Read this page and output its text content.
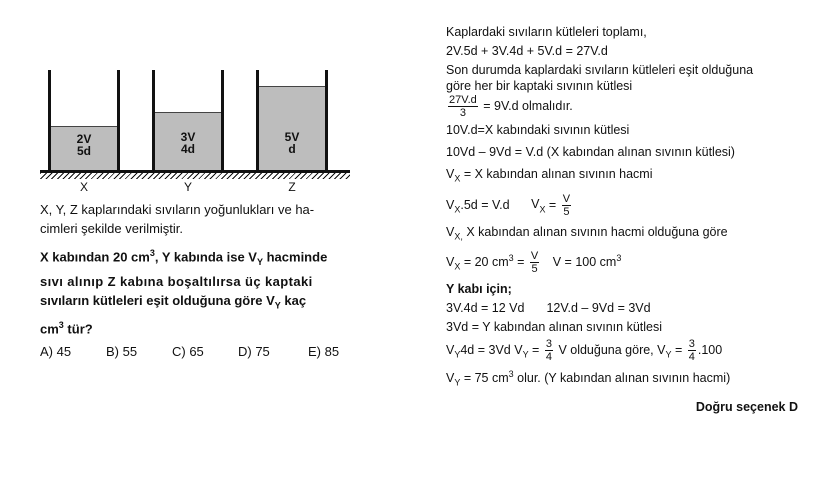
2V
5d
3V
4d
5V
d
X	Y	Z
X, Y, Z kaplarındaki sıvıların yoğunlukları ve ha-
cimleri şekilde verilmiştir.
X kabından 20 $cm^3$, Y kabında ise $V_Y$ hacminde
sıvı alınıp Z kabına boşaltılırsa üç kaptaki
sıvıların kütleleri eşit olduğuna göre $V_Y$ kaç
$cm^3$ tür?
A) 45	B) 55	C) 65	D) 75	E) 85
Kaplardaki sıvıların kütleleri toplamı,
2V.5d + 3V.4d + 5V.d = 27V.d
Son durumda kaplardaki sıvıların kütleleri eşit olduğuna
göre her bir kaptaki sıvının kütlesi
$\frac{27V.d}{3} = 9V.d$ olmalıdır.
10V.d=X kabındaki sıvının kütlesi
10Vd – 9Vd = V.d (X kabından alınan sıvının kütlesi)
$V_X = X$ kabından alınan sıvının hacmi
$V_X.5d = V.d$ $V_X = \frac{V}{5}$
$V_{X,}$ X kabından alınan sıvının hacmi olduğuna göre
$V_X = 20$ $cm^3 = \frac{V}{5}$ V = 100 $cm^3$
Y kabı için;
3V.4d = 12 Vd 12V.d – 9Vd = 3Vd
3Vd = Y kabından alınan sıvının kütlesi
$V_Y4d = 3Vd$ $V_Y = \frac{3}{4}$ V olduğuna göre, $V_Y = \frac{3}{4} .100$
$V_Y = 75$ $cm^3$ olur. (Y kabından alınan sıvının hacmi)
Doğru seçenek D
